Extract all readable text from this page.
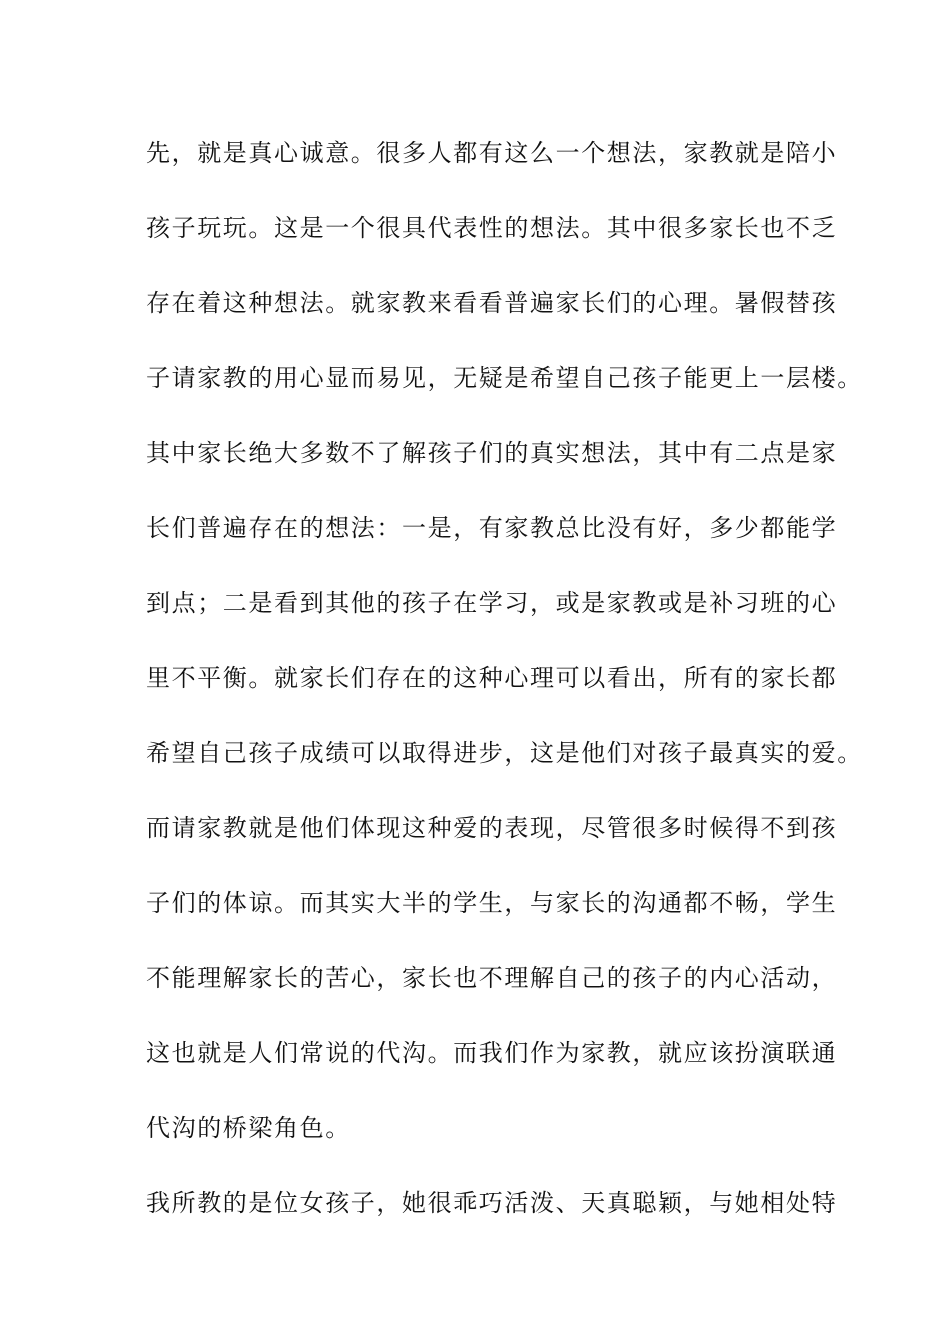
先，就是真心诚意。很多人都有这么一个想法，家教就是陪小
孩子玩玩。这是一个很具代表性的想法。其中很多家长也不乏
存在着这种想法。就家教来看看普遍家长们的心理。暑假替孩
子请家教的用心显而易见，无疑是希望自己孩子能更上一层楼。
其中家长绝大多数不了解孩子们的真实想法，其中有二点是家
长们普遍存在的想法：一是，有家教总比没有好，多少都能学
到点；二是看到其他的孩子在学习，或是家教或是补习班的心
里不平衡。就家长们存在的这种心理可以看出，所有的家长都
希望自己孩子成绩可以取得进步，这是他们对孩子最真实的爱。
而请家教就是他们体现这种爱的表现，尽管很多时候得不到孩
子们的体谅。而其实大半的学生，与家长的沟通都不畅，学生
不能理解家长的苦心，家长也不理解自己的孩子的内心活动，
这也就是人们常说的代沟。而我们作为家教，就应该扮演联通
代沟的桥梁角色。
我所教的是位女孩子，她很乖巧活泼、天真聪颖，与她相处特
